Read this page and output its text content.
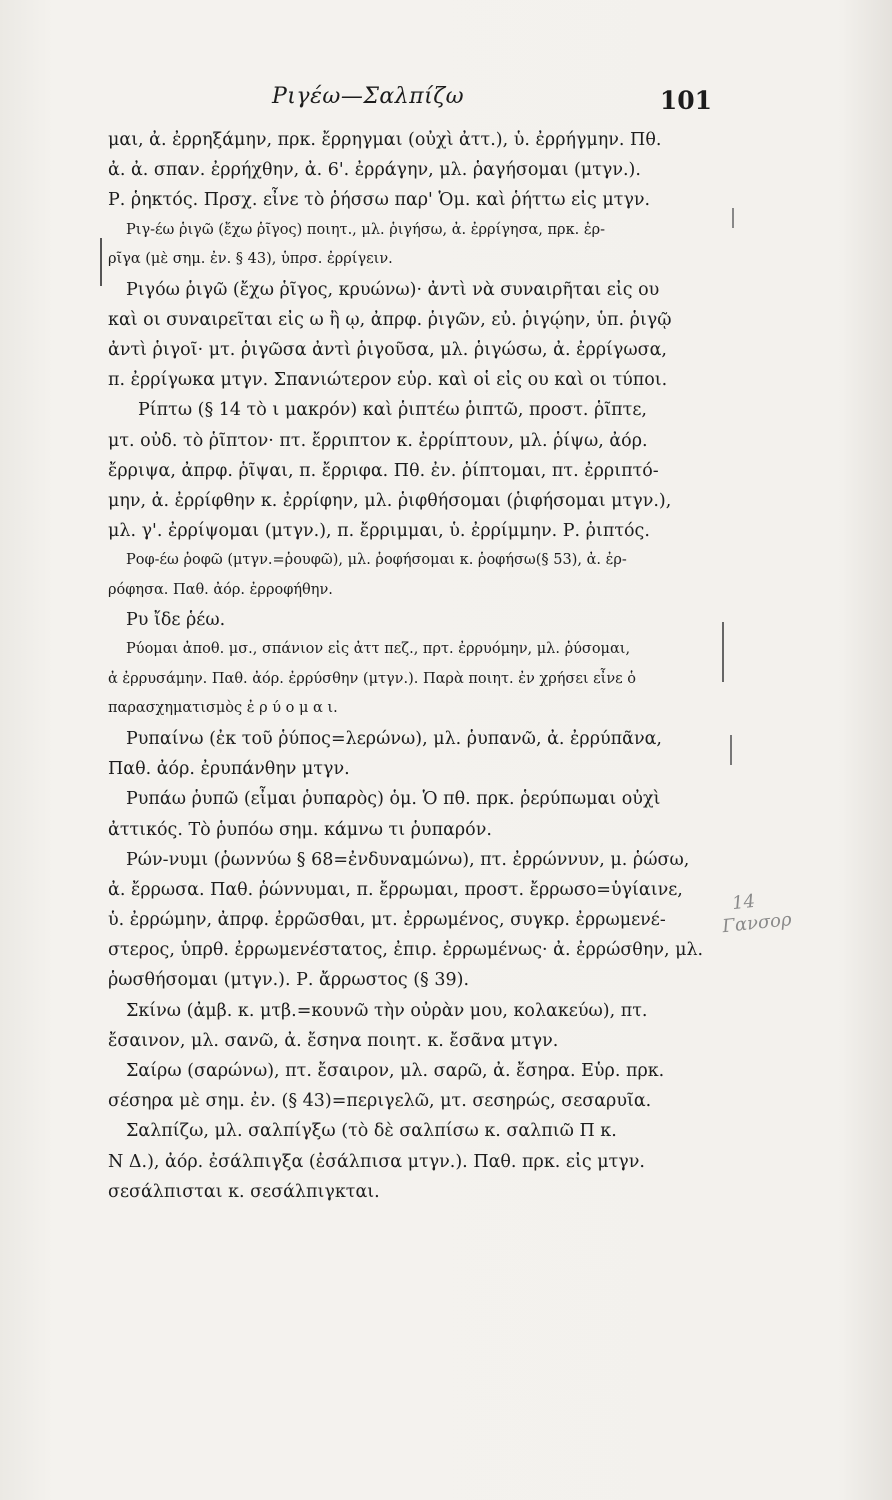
Ριγέω—Σαλπίζω	101
μαι, ἀ. ἐρρηξάμην, πρκ. ἔρρηγμαι (οὐχὶ ἀττ.), ὑ. ἐρρήγμην. Πθ.
ἀ. ἀ. σπαν. ἐρρήχθην, ἀ. 6'. ἐρράγην, μλ. ῥαγήσομαι (μτγν.).
Ρ. ῥηκτός. Πρσχ. εἶνε τὸ ῥήσσω παρ' Ὁμ. καὶ ῥήττω εἰς μτγν.
Ριγ-έω ῥιγῶ (ἔχω ῥῖγος) ποιητ., μλ. ῥιγήσω, ἀ. ἐρρίγησα, πρκ. ἐρ-
ρῖγα (μὲ σημ. ἐν. § 43), ὑπρσ. ἐρρίγειν.
Ριγόω ῥιγῶ (ἔχω ῥῖγος, κρυώνω)· ἀντὶ νὰ συναιρῆται εἰς ου
καὶ οι συναιρεῖται εἰς ω ἢ ῳ, ἀπρφ. ῥιγῶν, εὐ. ῥιγῴην, ὑπ. ῥιγῷ
ἀντὶ ῥιγοῖ· μτ. ῥιγῶσα ἀντὶ ῥιγοῦσα, μλ. ῥιγώσω, ἀ. ἐρρίγωσα,
π. ἐρρίγωκα μτγν. Σπανιώτερον εὑρ. καὶ οἱ εἰς ου καὶ οι τύποι.
Ρίπτω (§ 14 τὸ ι μακρόν) καὶ ῥιπτέω ῥιπτῶ, προστ. ῥῖπτε,
μτ. οὐδ. τὸ ῥῖπτον· πτ. ἔρριπτον κ. ἐρρίπτουν, μλ. ῥίψω, ἀόρ.
ἔρριψα, ἀπρφ. ῥῖψαι, π. ἔρριφα. Πθ. ἐν. ῥίπτομαι, πτ. ἐρριπτό-
μην, ἀ. ἐρρίφθην κ. ἐρρίφην, μλ. ῥιφθήσομαι (ῥιφήσομαι μτγν.),
μλ. γ'. ἐρρίψομαι (μτγν.), π. ἔρριμμαι, ὑ. ἐρρίμμην. Ρ. ῥιπτός.
Ροφ-έω ῥοφῶ (μτγν.=ῥουφῶ), μλ. ῥοφήσομαι κ. ῥοφήσω(§ 53), ἀ. ἐρ-
ρόφησα. Παθ. ἀόρ. ἐρροφήθην.
Ρυ ἴδε ῥέω.
Ρύομαι ἀποθ. μσ., σπάνιον εἰς ἀττ πεζ., πρτ. ἐρρυόμην, μλ. ῥύσομαι,
ἀ ἐρρυσάμην. Παθ. ἀόρ. ἐρρύσθην (μτγν.). Παρὰ ποιητ. ἐν χρήσει εἶνε ὁ
παρασχηματισμὸς ἐ ρ ύ ο μ α ι.
Ρυπαίνω (ἐκ τοῦ ῥύπος=λερώνω), μλ. ῥυπανῶ, ἀ. ἐρρύπᾶνα,
Παθ. ἀόρ. ἐρυπάνθην μτγν.
Ρυπάω ῥυπῶ (εἶμαι ῥυπαρὸς) ὁμ. Ὁ πθ. πρκ. ῥερύπωμαι οὐχὶ
ἀττικός. Τὸ ῥυπόω σημ. κάμνω τι ῥυπαρόν.
Ρών-νυμι (ῥωννύω § 68=ἐνδυναμώνω), πτ. ἐρρώννυν, μ. ῥώσω,
ἀ. ἔρρωσα. Παθ. ῥώννυμαι, π. ἔρρωμαι, προστ. ἔρρωσο=ὑγίαινε,
ὑ. ἐρρώμην, ἀπρφ. ἐρρῶσθαι, μτ. ἐρρωμένος, συγκρ. ἐρρωμενέ-
στερος, ὑπρθ. ἐρρωμενέστατος, ἐπιρ. ἐρρωμένως· ἀ. ἐρρώσθην, μλ.
ῥωσθήσομαι (μτγν.). Ρ. ἄρρωστος (§ 39).
Σκίνω (ἀμβ. κ. μτβ.=κουνῶ τὴν οὐρὰν μου, κολακεύω), πτ.
ἔσαινον, μλ. σανῶ, ἀ. ἔσηνα ποιητ. κ. ἔσᾶνα μτγν.
Σαίρω (σαρώνω), πτ. ἔσαιρον, μλ. σαρῶ, ἀ. ἔσηρα. Εὑρ. πρκ.
σέσηρα μὲ σημ. ἐν. (§ 43)=περιγελῶ, μτ. σεσηρώς, σεσαρυῖα.
Σαλπίζω, μλ. σαλπίγξω (τὸ δὲ σαλπίσω κ. σαλπιῶ Π κ.
Ν Δ.), ἀόρ. ἐσάλπιγξα (ἐσάλπισα μτγν.). Παθ. πρκ. εἰς μτγν.
σεσάλπισται κ. σεσάλπιγκται.
14
Γανσορ
